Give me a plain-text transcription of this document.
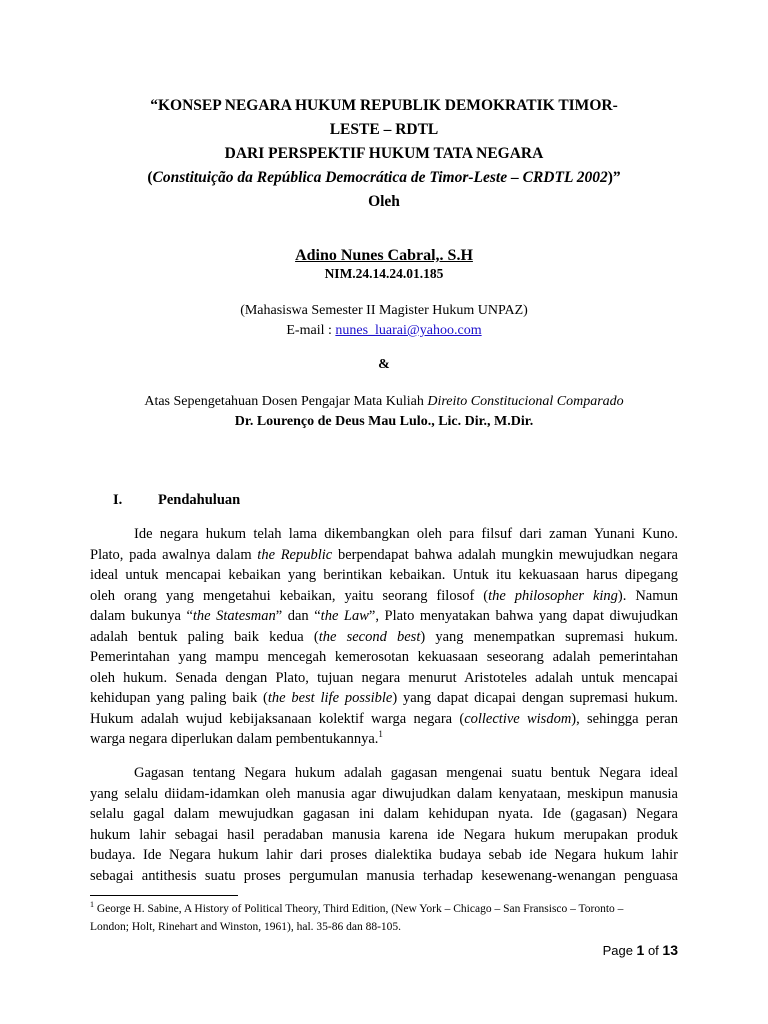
“KONSEP NEGARA HUKUM REPUBLIK DEMOKRATIK TIMOR-
LESTE – RDTL
DARI PERSPEKTIF HUKUM TATA NEGARA
(Constituição da República Democrática de Timor-Leste – CRDTL 2002)”
Oleh
Adino Nunes Cabral,. S.H
NIM.24.14.24.01.185
(Mahasiswa Semester II Magister Hukum UNPAZ)
E-mail : nunes_luarai@yahoo.com
&
Atas Sepengetahuan Dosen Pengajar Mata Kuliah Direito Constitucional Comparado
Dr. Lourenço de Deus Mau Lulo., Lic. Dir., M.Dir.
I. Pendahuluan
Ide negara hukum telah lama dikembangkan oleh para filsuf dari zaman Yunani Kuno.
Plato, pada awalnya dalam the Republic berpendapat bahwa adalah mungkin mewujudkan negara
ideal untuk mencapai kebaikan yang berintikan kebaikan. Untuk itu kekuasaan harus dipegang
oleh orang yang mengetahui kebaikan, yaitu seorang filosof (the philosopher king). Namun
dalam bukunya “the Statesman” dan “the Law”, Plato menyatakan bahwa yang dapat diwujudkan
adalah bentuk paling baik kedua (the second best) yang menempatkan supremasi hukum.
Pemerintahan yang mampu mencegah kemerosotan kekuasaan seseorang adalah pemerintahan
oleh hukum. Senada dengan Plato, tujuan negara menurut Aristoteles adalah untuk mencapai
kehidupan yang paling baik (the best life possible) yang dapat dicapai dengan supremasi hukum.
Hukum adalah wujud kebijaksanaan kolektif warga negara (collective wisdom), sehingga peran
warga negara diperlukan dalam pembentukannya.$^1$
Gagasan tentang Negara hukum adalah gagasan mengenai suatu bentuk Negara ideal
yang selalu diidam-idamkan oleh manusia agar diwujudkan dalam kenyataan, meskipun manusia
selalu gagal dalam mewujudkan gagasan ini dalam kehidupan nyata. Ide (gagasan) Negara
hukum lahir sebagai hasil peradaban manusia karena ide Negara hukum merupakan produk
budaya. Ide Negara hukum lahir dari proses dialektika budaya sebab ide Negara hukum lahir
sebagai antithesis suatu proses pergumulan manusia terhadap kesewenang-wenangan penguasa
$^1$ George H. Sabine, A History of Political Theory, Third Edition, (New York – Chicago – San Fransisco – Toronto –
London; Holt, Rinehart and Winston, 1961), hal. 35-86 dan 88-105.
Page 1 of 13
